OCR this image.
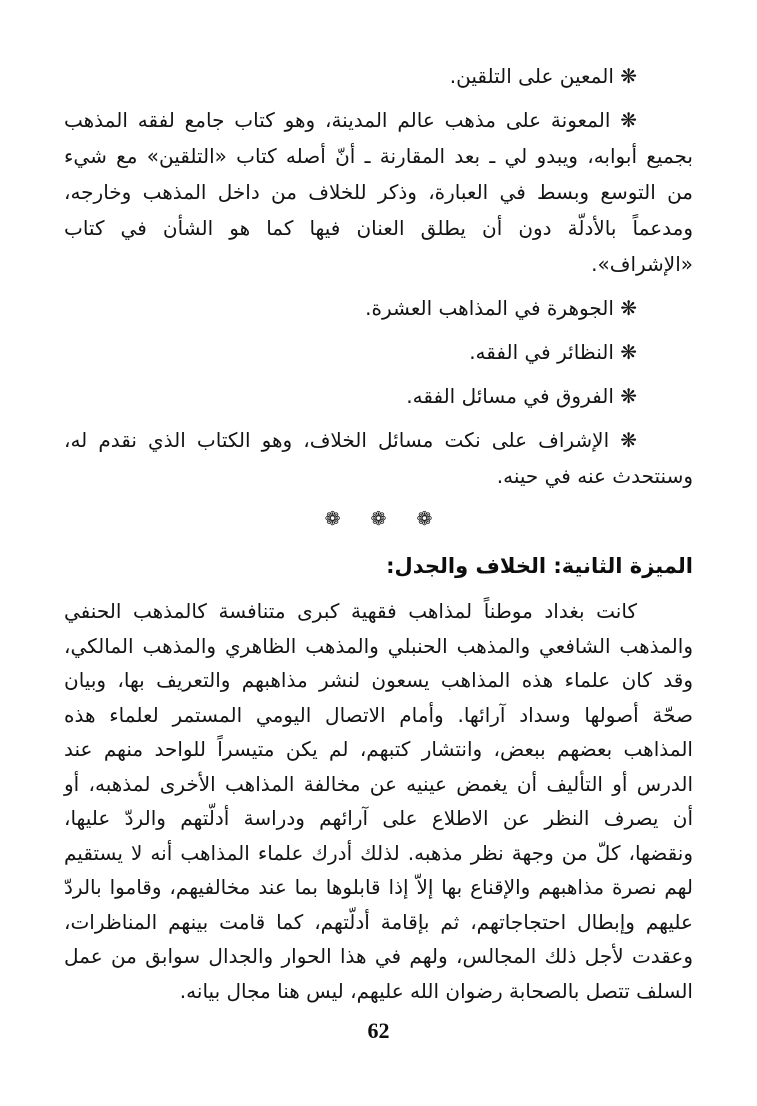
❋ المعين على التلقين.
❋ المعونة على مذهب عالم المدينة، وهو كتاب جامع لفقه المذهب
بجميع أبوابه، ويبدو لي ـ بعد المقارنة ـ أنّ أصله كتاب «التلقين» مع شيء
من التوسع وبسط في العبارة، وذكر للخلاف من داخل المذهب وخارجه،
ومدعماً بالأدلّة دون أن يطلق العنان فيها كما هو الشأن في كتاب
«الإشراف».
❋ الجوهرة في المذاهب العشرة.
❋ النظائر في الفقه.
❋ الفروق في مسائل الفقه.
❋ الإشراف على نكت مسائل الخلاف، وهو الكتاب الذي نقدم له،
وسنتحدث عنه في حينه.
❁ ❁ ❁
الميزة الثانية: الخلاف والجدل:
كانت بغداد موطناً لمذاهب فقهية كبرى متنافسة كالمذهب الحنفي
والمذهب الشافعي والمذهب الحنبلي والمذهب الظاهري والمذهب المالكي،
وقد كان علماء هذه المذاهب يسعون لنشر مذاهبهم والتعريف بها، وبيان
صحّة أصولها وسداد آرائها. وأمام الاتصال اليومي المستمر لعلماء هذه
المذاهب بعضهم ببعض، وانتشار كتبهم، لم يكن متيسراً للواحد منهم عند
الدرس أو التأليف أن يغمض عينيه عن مخالفة المذاهب الأخرى لمذهبه، أو
أن يصرف النظر عن الاطلاع على آرائهم ودراسة أدلّتهم والردّ عليها،
ونقضها، كلّ من وجهة نظر مذهبه. لذلك أدرك علماء المذاهب أنه لا يستقيم
لهم نصرة مذاهبهم والإقناع بها إلاّ إذا قابلوها بما عند مخالفيهم، وقاموا بالردّ
عليهم وإبطال احتجاجاتهم، ثم بإقامة أدلّتهم، كما قامت بينهم المناظرات،
وعقدت لأجل ذلك المجالس، ولهم في هذا الحوار والجدال سوابق من عمل
السلف تتصل بالصحابة رضوان الله عليهم، ليس هنا مجال بيانه.
62
